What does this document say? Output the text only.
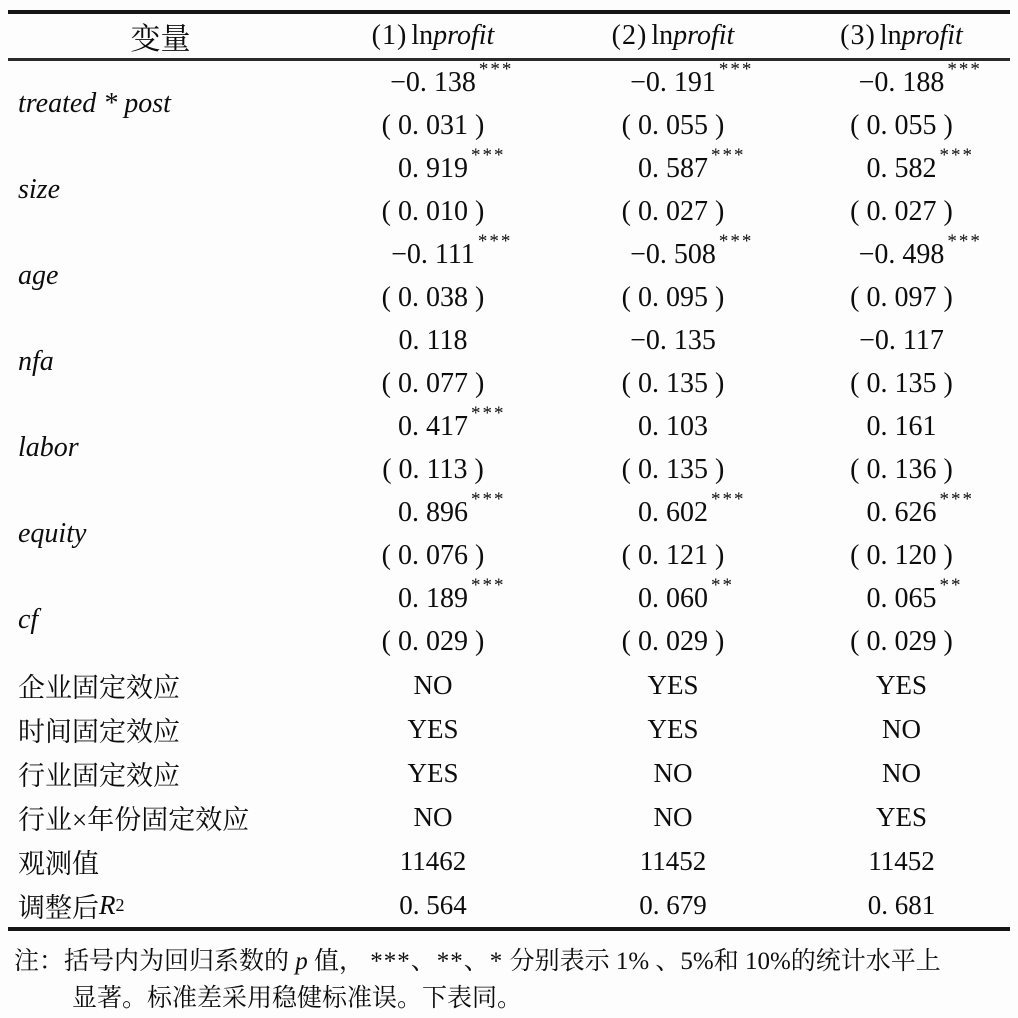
变量	(1) lnprofit	(2) lnprofit	(3) lnprofit
treated * post
−0. 138 ***	−0. 191 ***	−0. 188 ***
( 0. 031 )	( 0. 055 )	( 0. 055 )
size
0. 919 ***	0. 587 ***	0. 582 ***
( 0. 010 )	( 0. 027 )	( 0. 027 )
age
−0. 111 ***	−0. 508 ***	−0. 498 ***
( 0. 038 )	( 0. 095 )	( 0. 097 )
nfa
0. 118	−0. 135	−0. 117
( 0. 077 )	( 0. 135 )	( 0. 135 )
labor
0. 417 ***	0. 103	0. 161
( 0. 113 )	( 0. 135 )	( 0. 136 )
equity
0. 896 ***	0. 602 ***	0. 626 ***
( 0. 076 )	( 0. 121 )	( 0. 120 )
cf
0. 189 ***	0. 060 **	0. 065 **
( 0. 029 )	( 0. 029 )	( 0. 029 )
企业固定效应	NO	YES	YES
时间固定效应	YES	YES	NO
行业固定效应	YES	NO	NO
行业×年份固定效应	NO	NO	YES
观测值	11462	11452	11452
调整后 R 2	0. 564	0. 679	0. 681
注：括号内为回归系数的 p 值， ***、**、* 分别表示 1% 、5%和 10%的统计水平上
显著。标准差采用稳健标准误。下表同。
